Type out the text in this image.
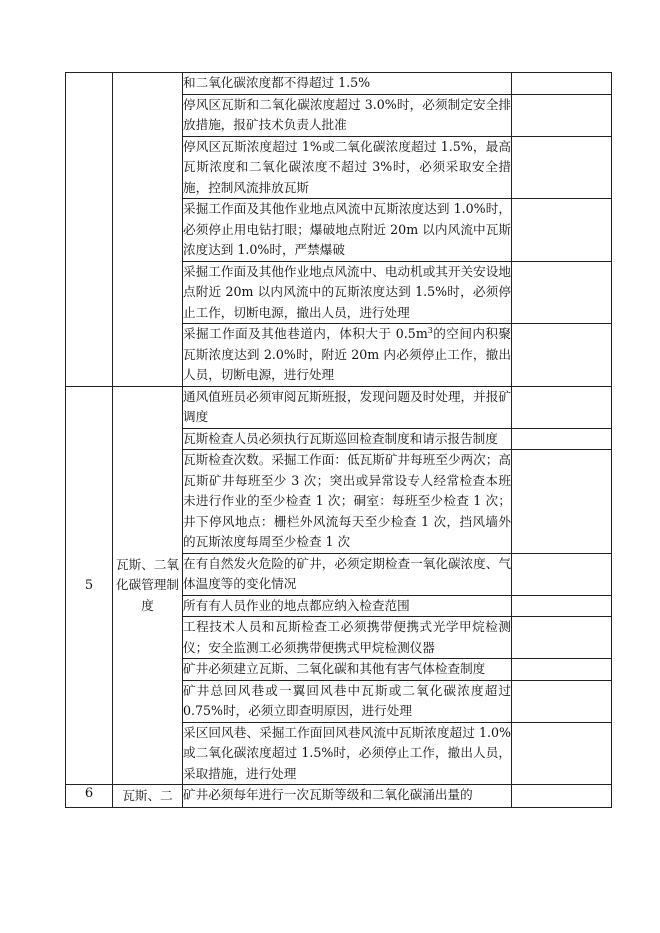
		和二氧化碳浓度都不得超过 1.5%	
		停风区瓦斯和二氧化碳浓度超过 3.0%时，必须制定安全排放措施，报矿技术负责人批准	
		停风区瓦斯浓度超过 1%或二氧化碳浓度超过 1.5%，最高瓦斯浓度和二氧化碳浓度不超过 3%时，必须采取安全措施，控制风流排放瓦斯	
		采掘工作面及其他作业地点风流中瓦斯浓度达到 1.0%时，必须停止用电钻打眼；爆破地点附近 20m 以内风流中瓦斯浓度达到 1.0%时，严禁爆破	
		采掘工作面及其他作业地点风流中、电动机或其开关安设地点附近 20m 以内风流中的瓦斯浓度达到 1.5%时，必须停止工作，切断电源，撤出人员，进行处理	
		采掘工作面及其他巷道内，体积大于 $0.5m^3$的空间内积聚瓦斯浓度达到 2.0%时，附近 20m 内必须停止工作，撤出人员，切断电源，进行处理	
5	瓦斯、二氧化碳管理制度	通风值班员必须审阅瓦斯班报，发现问题及时处理，并报矿调度	
		瓦斯检查人员必须执行瓦斯巡回检查制度和请示报告制度	
		瓦斯检查次数。采掘工作面：低瓦斯矿井每班至少两次；高瓦斯矿井每班至少 3 次；突出或异常设专人经常检查本班未进行作业的至少检查 1 次；硐室：每班至少检查 1 次；井下停风地点：栅栏外风流每天至少检查 1 次，挡风墙外的瓦斯浓度每周至少检查 1 次	
		在有自然发火危险的矿井，必须定期检查一氧化碳浓度、气体温度等的变化情况	
		所有有人员作业的地点都应纳入检查范围	
		工程技术人员和瓦斯检查工必须携带便携式光学甲烷检测仪；安全监测工必须携带便携式甲烷检测仪器	
		矿井必须建立瓦斯、二氧化碳和其他有害气体检查制度	
		矿井总回风巷或一翼回风巷中瓦斯或二氧化碳浓度超过 0.75%时，必须立即查明原因，进行处理	
		采区回风巷、采掘工作面回风巷风流中瓦斯浓度超过 1.0%或二氧化碳浓度超过 1.5%时，必须停止工作，撤出人员，采取措施，进行处理	
6	瓦斯、二	矿井必须每年进行一次瓦斯等级和二氧化碳涌出量的	
